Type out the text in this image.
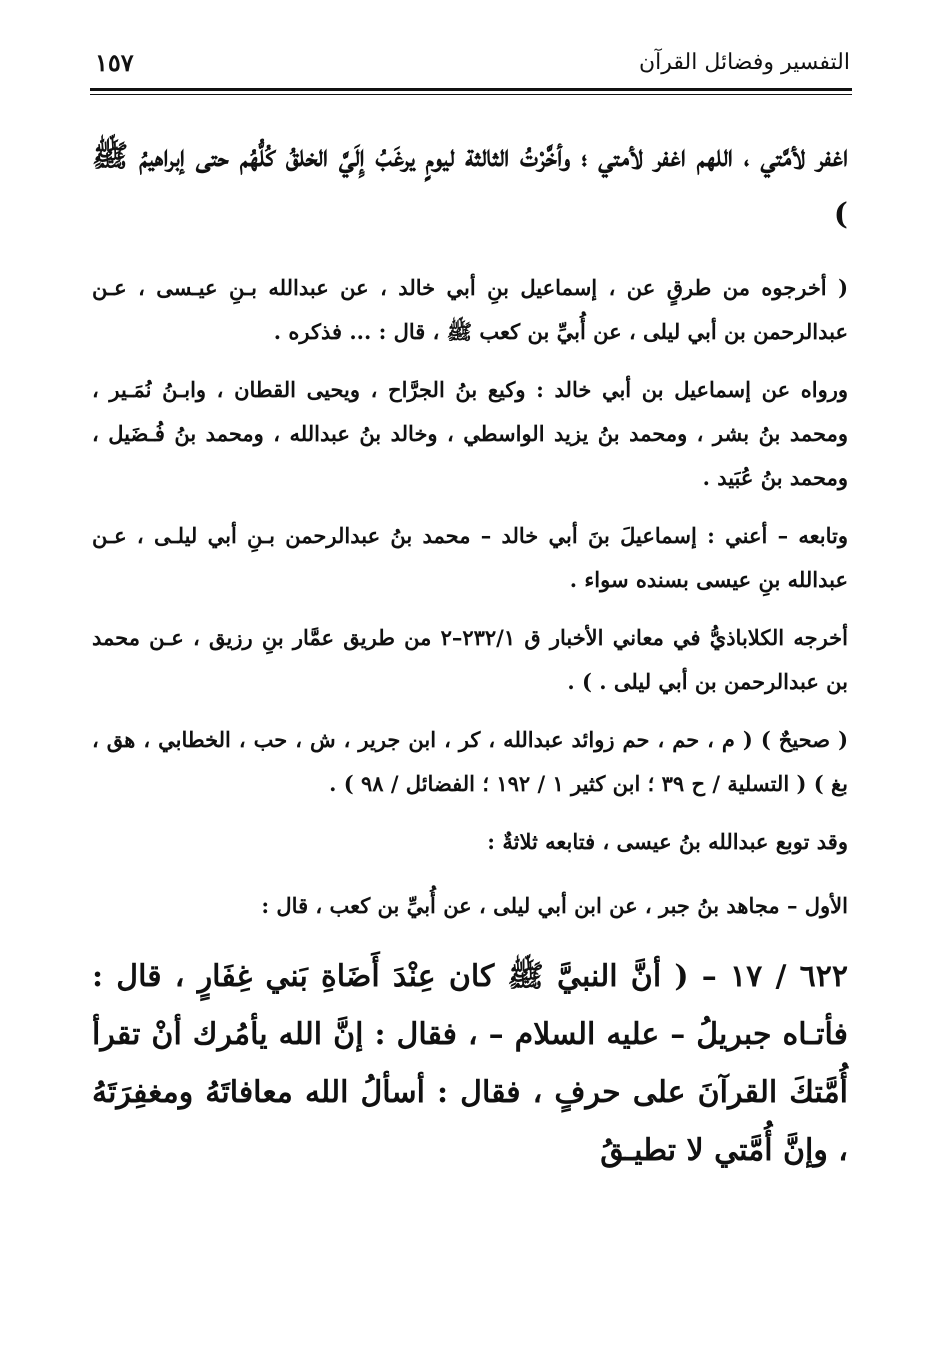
١٥٧	التفسير وفضائل القرآن

اغفر لأمَّتي ، اللهم اغفر لأمتي ؛ وأخَّرْتُ الثالثة ليومٍ يرغَبُ إِلَيَّ الخلقُ كُلُّهُم حتى إبراهيمُ ﷺ )

( أخرجوه من طرقٍ عن ، إسماعيل بنِ أبي خالد ، عن عبدالله بـنِ عيـسى ، عـن عبدالرحمن بن أبي ليلى ، عن أُبيِّ بن كعب ﷺ ، قال : ... فذكره .

ورواه عن إسماعيل بن أبي خالد : وكيع بنُ الجرَّاح ، ويحيى القطان ، وابـنُ نُمَـير ، ومحمد بنُ بشر ، ومحمد بنُ يزيد الواسطي ، وخالد بنُ عبدالله ، ومحمد بنُ فُـضَيل ، ومحمد بنُ عُبَيد .

وتابعه – أعني : إسماعيلَ بنَ أبي خالد – محمد بنُ عبدالرحمن بـنِ أبي ليلـى ، عـن عبدالله بنِ عيسى بسنده سواء .

أخرجه الكلاباذيُّ في معاني الأخبار ق ٢٣٢/١–٢ من طريق عمَّار بنِ رزيق ، عـن محمد بن عبدالرحمن بن أبي ليلى . ) .

( صحيحٌ ) ( م ، حم ، حم زوائد عبدالله ، كر ، ابن جرير ، ش ، حب ، الخطابي ، هق ، بغ ) ( التسلية / ح ٣٩ ؛ ابن كثير ١ / ١٩٢ ؛ الفضائل / ٩٨ ) .

وقد توبع عبدالله بنُ عيسى ، فتابعه ثلاثةٌ :

الأول – مجاهد بنُ جبر ، عن ابن أبي ليلى ، عن أُبيِّ بن كعب ، قال :

٦٢٢ / ١٧ – ( أنَّ النبيَّ ﷺ كان عِنْدَ أَضَاةِ بَني غِفَارٍ ، قال : فأتـاه جبريلُ – عليه السلام – ، فقال : إنَّ الله يأمُرك أنْ تقرأ أُمَّتكَ القرآنَ على حرفٍ ، فقال : أسألُ الله معافاتَهُ ومغفِرَتَهُ ، وإنَّ أُمَّتي لا تطيـقُ
